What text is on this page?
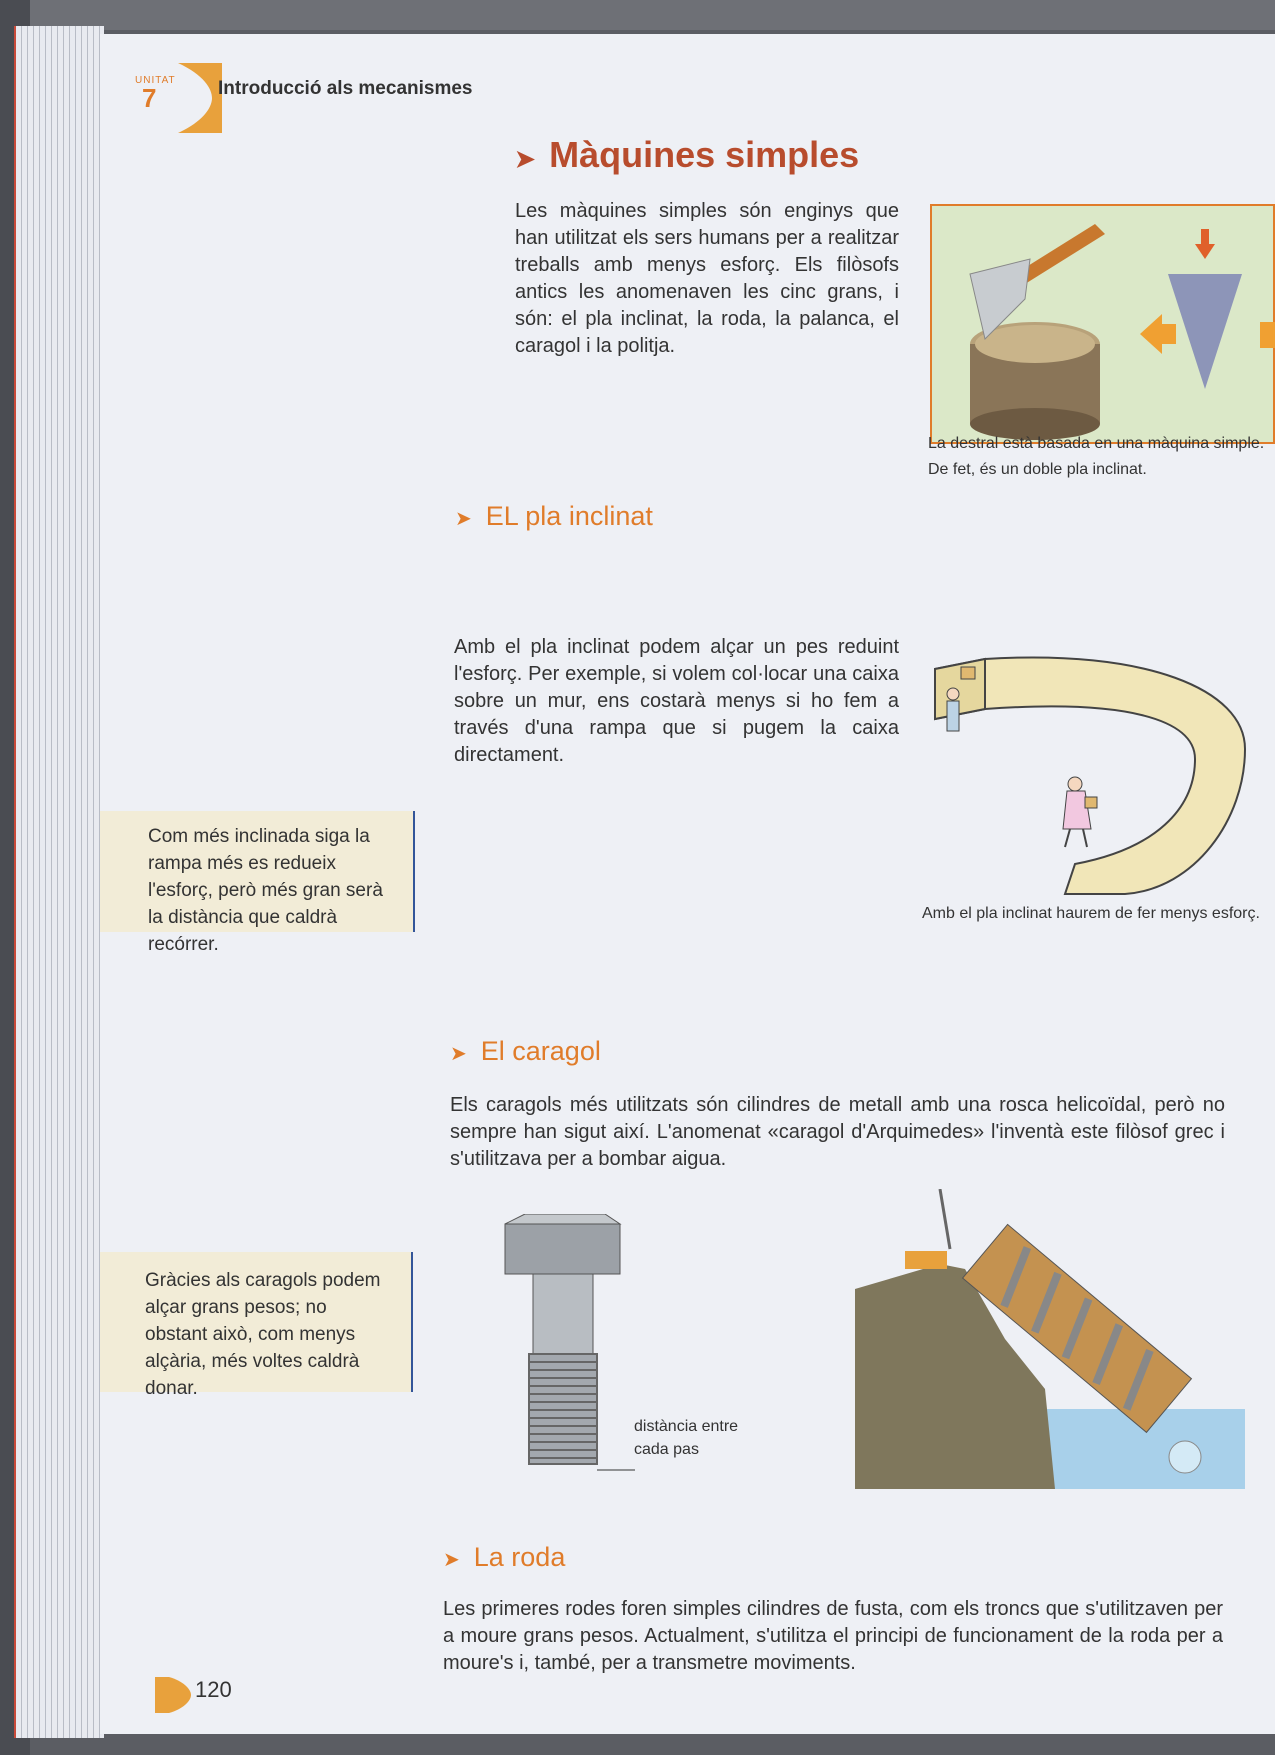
UNITAT
7	Introducció als mecanismes
➤ Màquines simples
Les màquines simples són enginys que han utilitzat els sers humans per a realitzar treballs amb menys esforç. Els filòsofs antics les anomenaven les cinc grans, i són: el pla inclinat, la roda, la palanca, el caragol i la politja.
La destral està basada en una màquina simple.
De fet, és un doble pla inclinat.
➤ EL pla inclinat
Amb el pla inclinat podem alçar un pes reduint l'esforç. Per exemple, si volem col·locar una caixa sobre un mur, ens costarà menys si ho fem a través d'una rampa que si pugem la caixa directament.
Amb el pla inclinat haurem de fer menys esforç.
Com més inclinada siga la rampa més es redueix l'esforç, però més gran serà la distància que caldrà recórrer.
➤ El caragol
Els caragols més utilitzats són cilindres de metall amb una rosca helicoïdal, però no sempre han sigut així. L'anomenat «caragol d'Arquimedes» l'inventà este filòsof grec i s'utilitzava per a bombar aigua.
distància entre
cada pas
Gràcies als caragols podem alçar grans pesos; no obstant això, com menys alçària, més voltes caldrà donar.
➤ La roda
Les primeres rodes foren simples cilindres de fusta, com els troncs que s'utilitzaven per a moure grans pesos. Actualment, s'utilitza el principi de funcionament de la roda per a moure's i, també, per a transmetre moviments.
120
